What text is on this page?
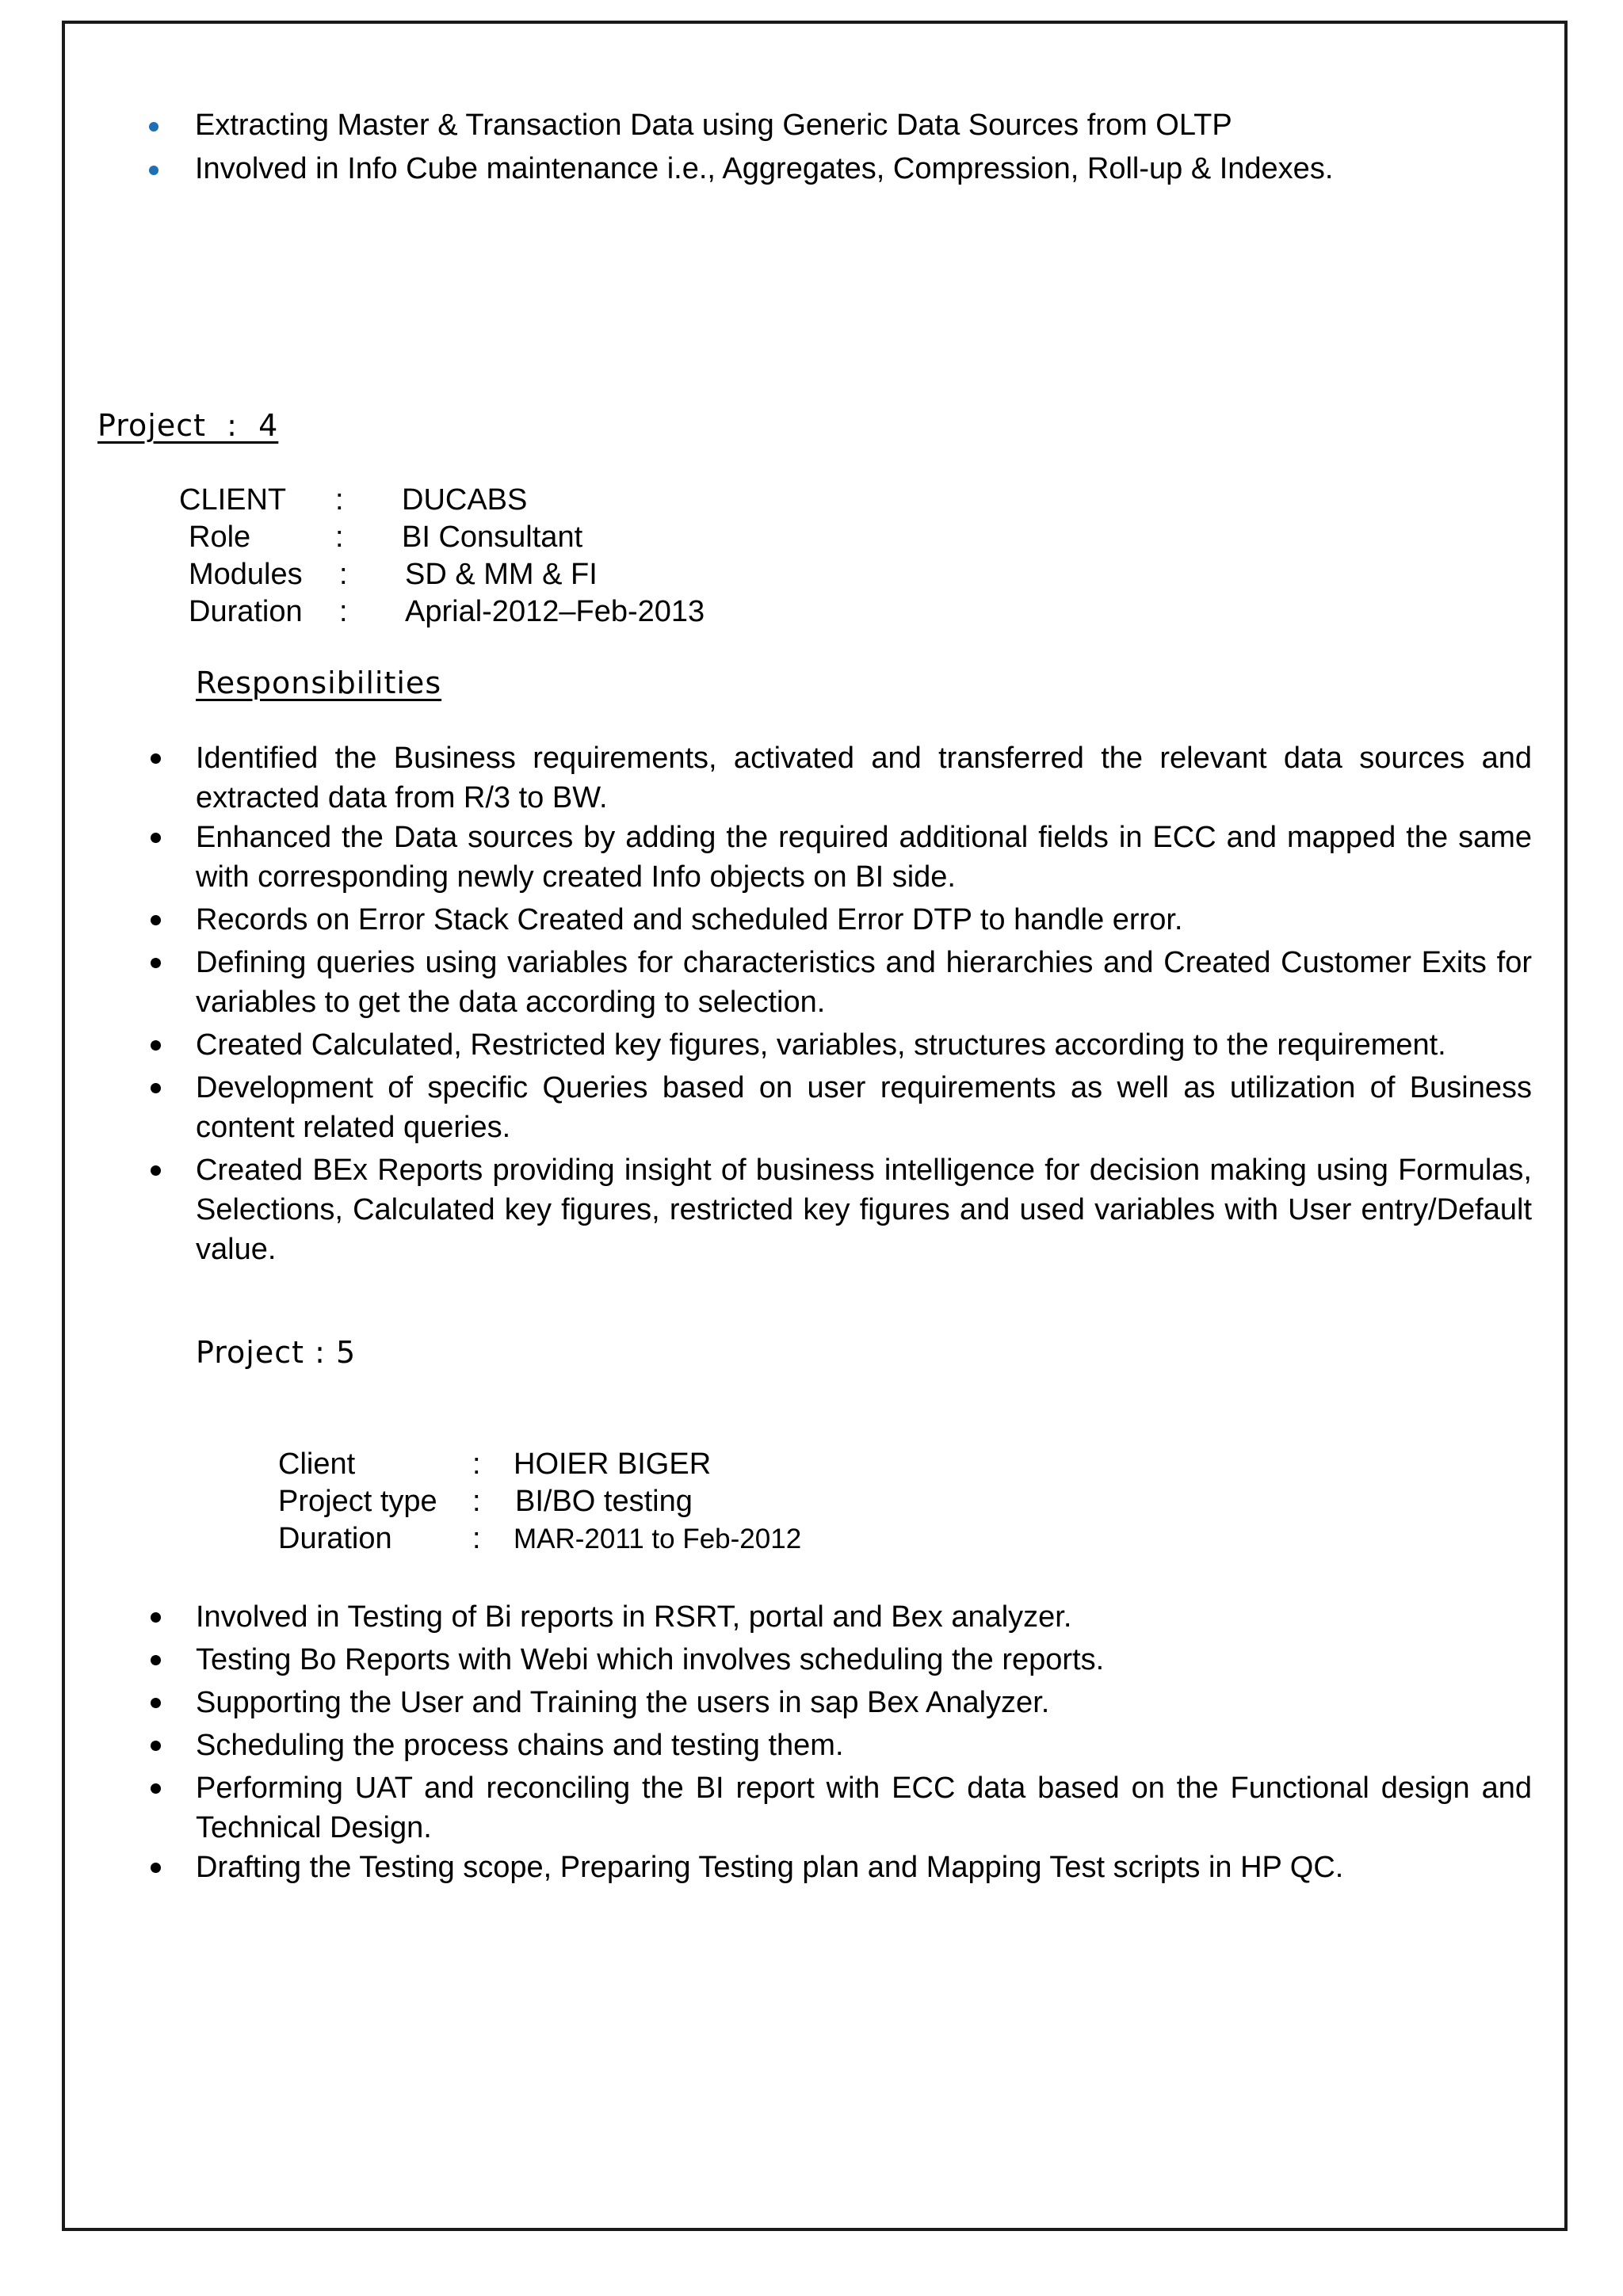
Extracting Master & Transaction Data using Generic Data Sources from OLTP
Involved in Info Cube maintenance i.e., Aggregates, Compression, Roll-up & Indexes.
Project  :  4
CLIENT : DUCABS
Role	: BI Consultant
Modules : SD & MM & FI
Duration : Aprial-2012–Feb-2013
Responsibilities
Identified the Business requirements, activated and transferred the relevant data sources and extracted data from R/3 to BW.
Enhanced the Data sources by adding the required additional fields in ECC and mapped the same with corresponding newly created Info objects on BI side.
Records on Error Stack Created and scheduled Error DTP to handle error.
Defining queries using variables for characteristics and hierarchies and Created Customer Exits for variables to get the data according to selection.
Created Calculated, Restricted key figures, variables, structures according to the requirement.
Development of specific Queries based on user requirements as well as utilization of Business content related queries.
Created BEx Reports providing insight of business intelligence for decision making using Formulas, Selections, Calculated key figures, restricted key figures and used variables with User entry/Default value.
Project : 5
Client	: HOIER BIGER
Project type : BI/BO testing
Duration	: MAR-2011 to Feb-2012
Involved in Testing of Bi reports in RSRT, portal and Bex analyzer.
Testing Bo Reports with Webi which involves scheduling the reports.
Supporting the User and Training the users in sap Bex Analyzer.
Scheduling the process chains and testing them.
Performing UAT and reconciling the BI report with ECC data based on the Functional design and Technical Design.
Drafting the Testing scope, Preparing Testing plan and Mapping Test scripts in HP QC.
